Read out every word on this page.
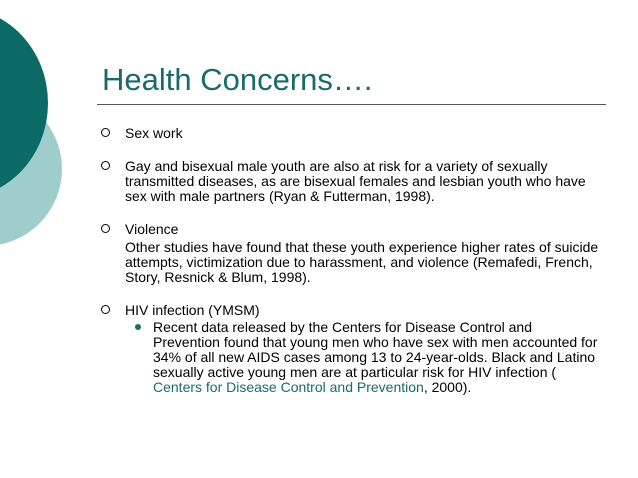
Health Concerns….
Sex work
Gay and bisexual male youth are also at risk for a variety of sexually transmitted diseases, as are bisexual females and lesbian youth who have sex with male partners (Ryan & Futterman, 1998).
Violence
Other studies have found that these youth experience higher rates of suicide attempts, victimization due to harassment, and violence (Remafedi, French, Story, Resnick & Blum, 1998).
HIV infection (YMSM)
Recent data released by the Centers for Disease Control and Prevention found that young men who have sex with men accounted for 34% of all new AIDS cases among 13 to 24-year-olds. Black and Latino sexually active young men are at particular risk for HIV infection (
Centers for Disease Control and Prevention, 2000).
